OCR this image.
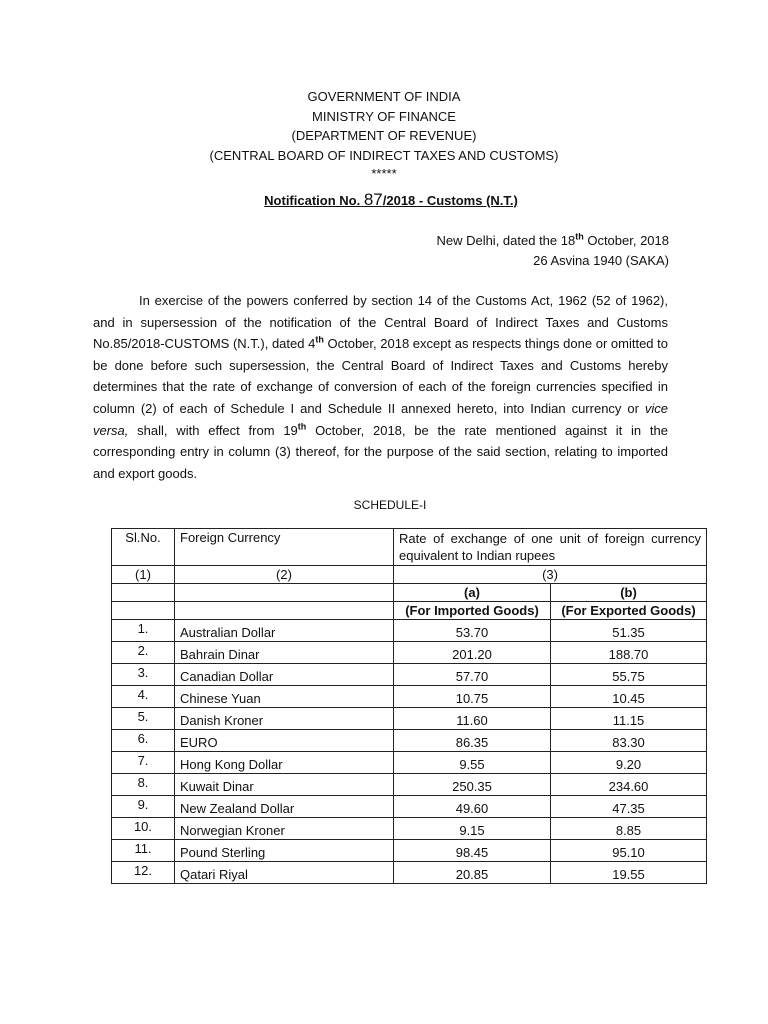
GOVERNMENT OF INDIA
MINISTRY OF FINANCE
(DEPARTMENT OF REVENUE)
(CENTRAL BOARD OF INDIRECT TAXES AND CUSTOMS)
*****
Notification No. 87/2018 - Customs (N.T.)
New Delhi, dated the 18th October, 2018
26 Asvina 1940 (SAKA)
In exercise of the powers conferred by section 14 of the Customs Act, 1962 (52 of 1962), and in supersession of the notification of the Central Board of Indirect Taxes and Customs No.85/2018-CUSTOMS (N.T.), dated 4th October, 2018 except as respects things done or omitted to be done before such supersession, the Central Board of Indirect Taxes and Customs hereby determines that the rate of exchange of conversion of each of the foreign currencies specified in column (2) of each of Schedule I and Schedule II annexed hereto, into Indian currency or vice versa, shall, with effect from 19th October, 2018, be the rate mentioned against it in the corresponding entry in column (3) thereof, for the purpose of the said section, relating to imported and export goods.
SCHEDULE-I
Sl.No.	Foreign Currency	Rate of exchange of one unit of foreign currency equivalent to Indian rupees	
(1)	(2)	(3)	
		(a)	(b)
		(For Imported Goods)	(For Exported Goods)
1.	Australian Dollar	53.70	51.35
2.	Bahrain Dinar	201.20	188.70
3.	Canadian Dollar	57.70	55.75
4.	Chinese Yuan	10.75	10.45
5.	Danish Kroner	11.60	11.15
6.	EURO	86.35	83.30
7.	Hong Kong Dollar	9.55	9.20
8.	Kuwait Dinar	250.35	234.60
9.	New Zealand Dollar	49.60	47.35
10.	Norwegian Kroner	9.15	8.85
11.	Pound Sterling	98.45	95.10
12.	Qatari Riyal	20.85	19.55
